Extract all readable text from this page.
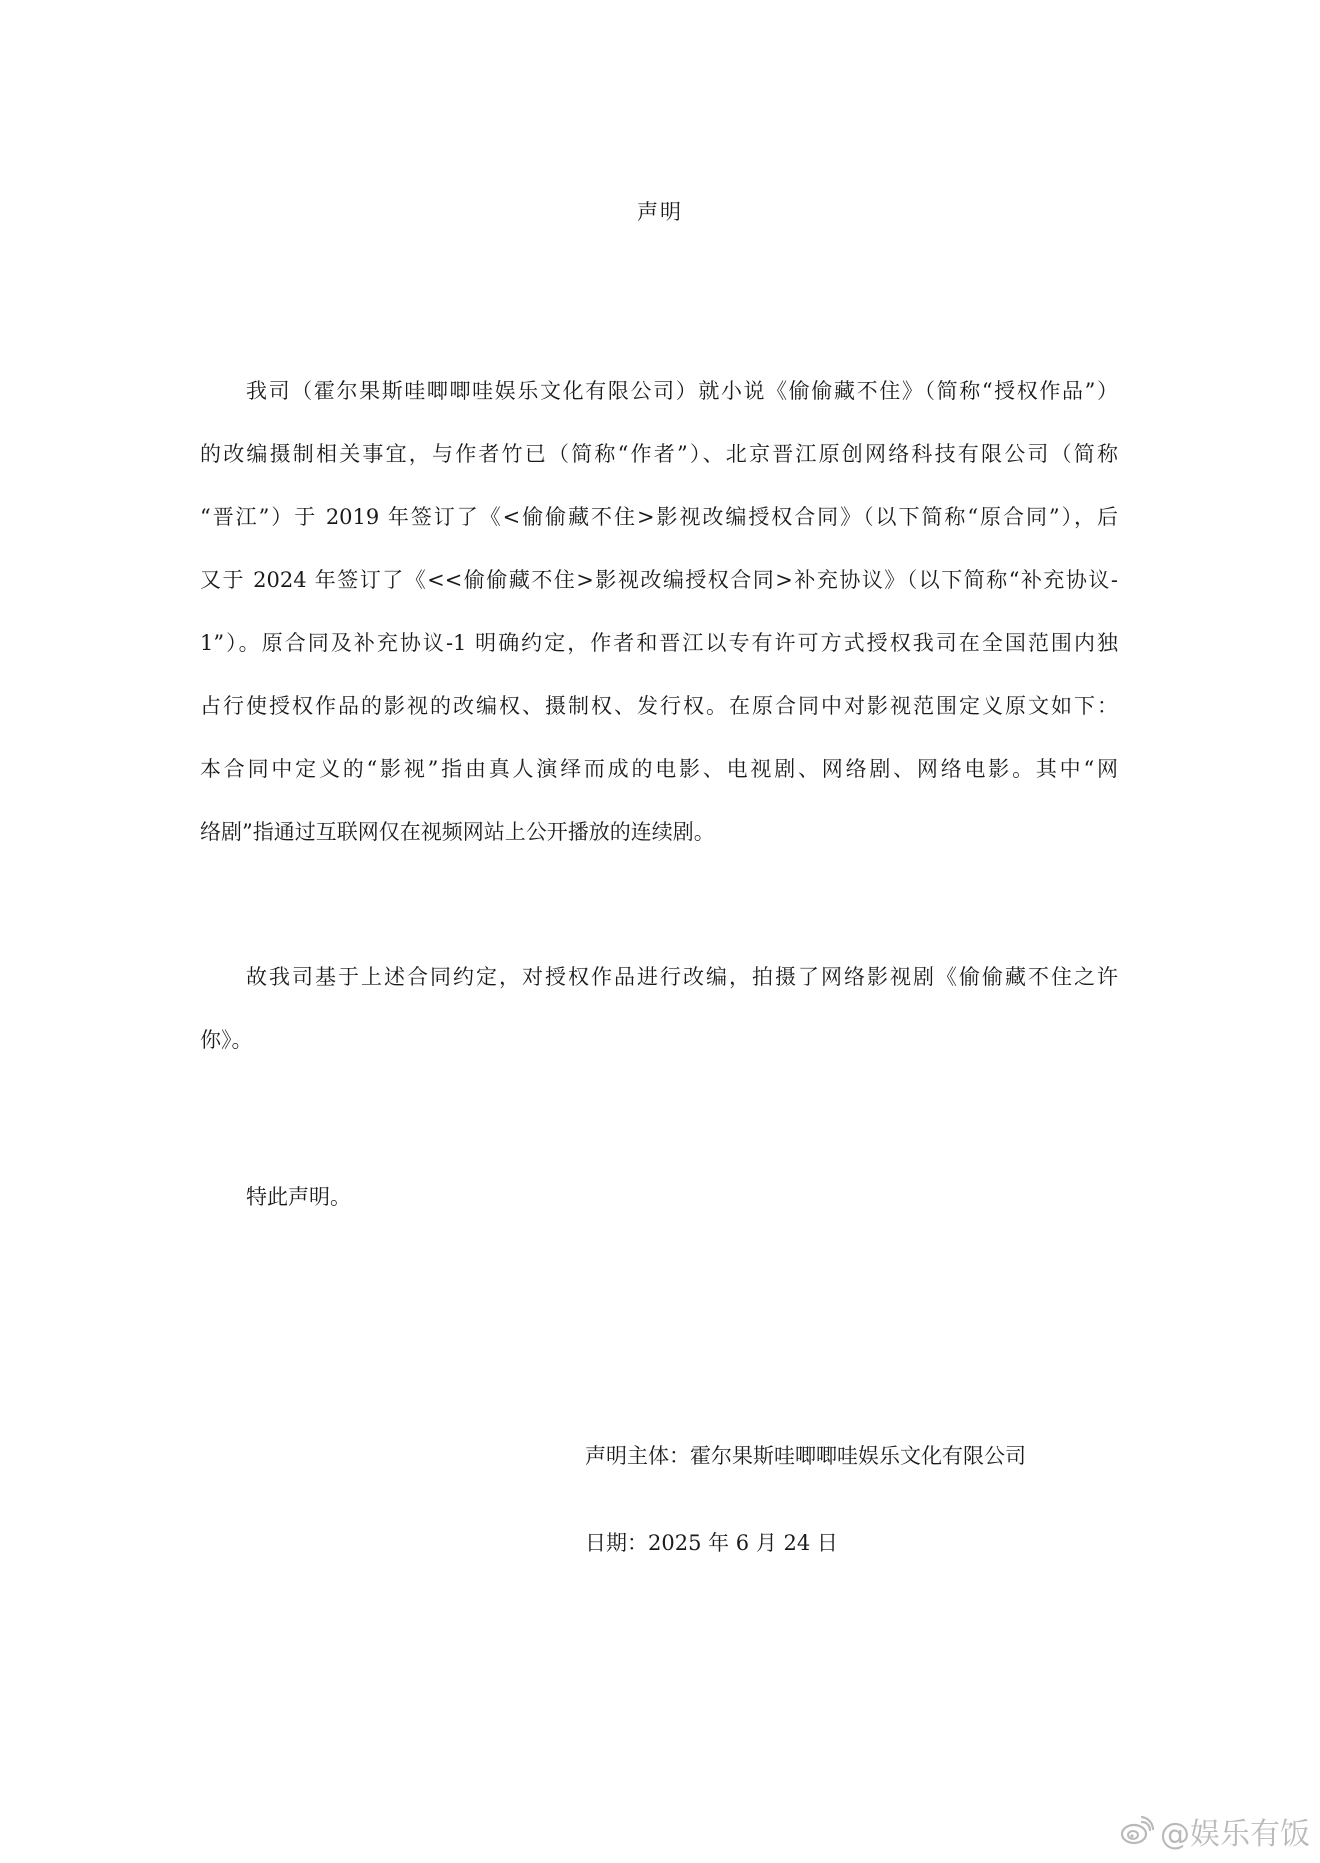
声明
我司（霍尔果斯哇唧唧哇娱乐文化有限公司）就小说《偷偷藏不住》（简称“授权作品”）
的改编摄制相关事宜，与作者竹已（简称“作者”）、北京晋江原创网络科技有限公司（简称
“晋江”）于 2019 年签订了《<偷偷藏不住>影视改编授权合同》（以下简称“原合同”），后
又于 2024 年签订了《<<偷偷藏不住>影视改编授权合同>补充协议》（以下简称“补充协议-
1”）。原合同及补充协议-1 明确约定，作者和晋江以专有许可方式授权我司在全国范围内独
占行使授权作品的影视的改编权、摄制权、发行权。在原合同中对影视范围定义原文如下：
本合同中定义的“影视”指由真人演绎而成的电影、电视剧、网络剧、网络电影。其中“网
络剧”指通过互联网仅在视频网站上公开播放的连续剧。
故我司基于上述合同约定，对授权作品进行改编，拍摄了网络影视剧《偷偷藏不住之许
你》。
特此声明。
声明主体：霍尔果斯哇唧唧哇娱乐文化有限公司
日期：2025 年 6 月 24 日
@娱乐有饭
